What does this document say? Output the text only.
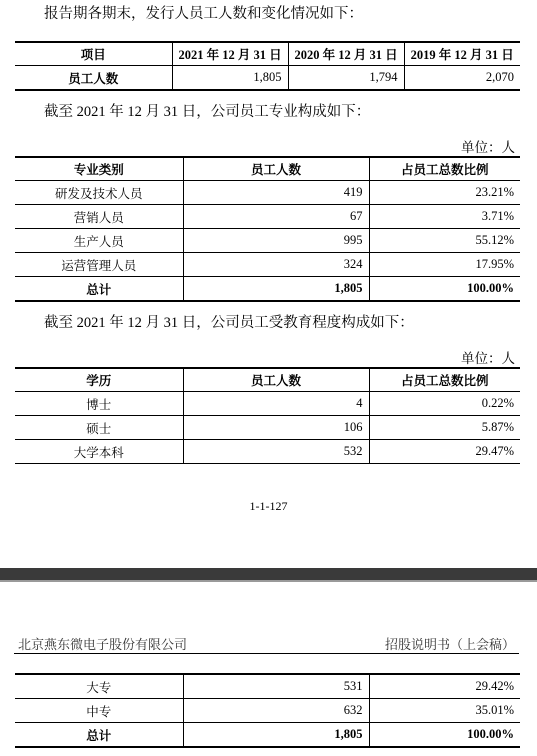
报告期各期末，发行人员工人数和变化情况如下：
项目	2021 年 12 月 31 日	2020 年 12 月 31 日	2019 年 12 月 31 日
员工人数	1,805	1,794	2,070
截至 2021 年 12 月 31 日，公司员工专业构成如下：
单位：人
专业类别	员工人数	占员工总数比例
研发及技术人员	419	23.21%
营销人员	67	3.71%
生产人员	995	55.12%
运营管理人员	324	17.95%
总计	1,805	100.00%
截至 2021 年 12 月 31 日，公司员工受教育程度构成如下：
单位：人
学历	员工人数	占员工总数比例
博士	4	0.22%
硕士	106	5.87%
大学本科	532	29.47%
1-1-127
北京燕东微电子股份有限公司	招股说明书（上会稿）
大专	531	29.42%
中专	632	35.01%
总计	1,805	100.00%
